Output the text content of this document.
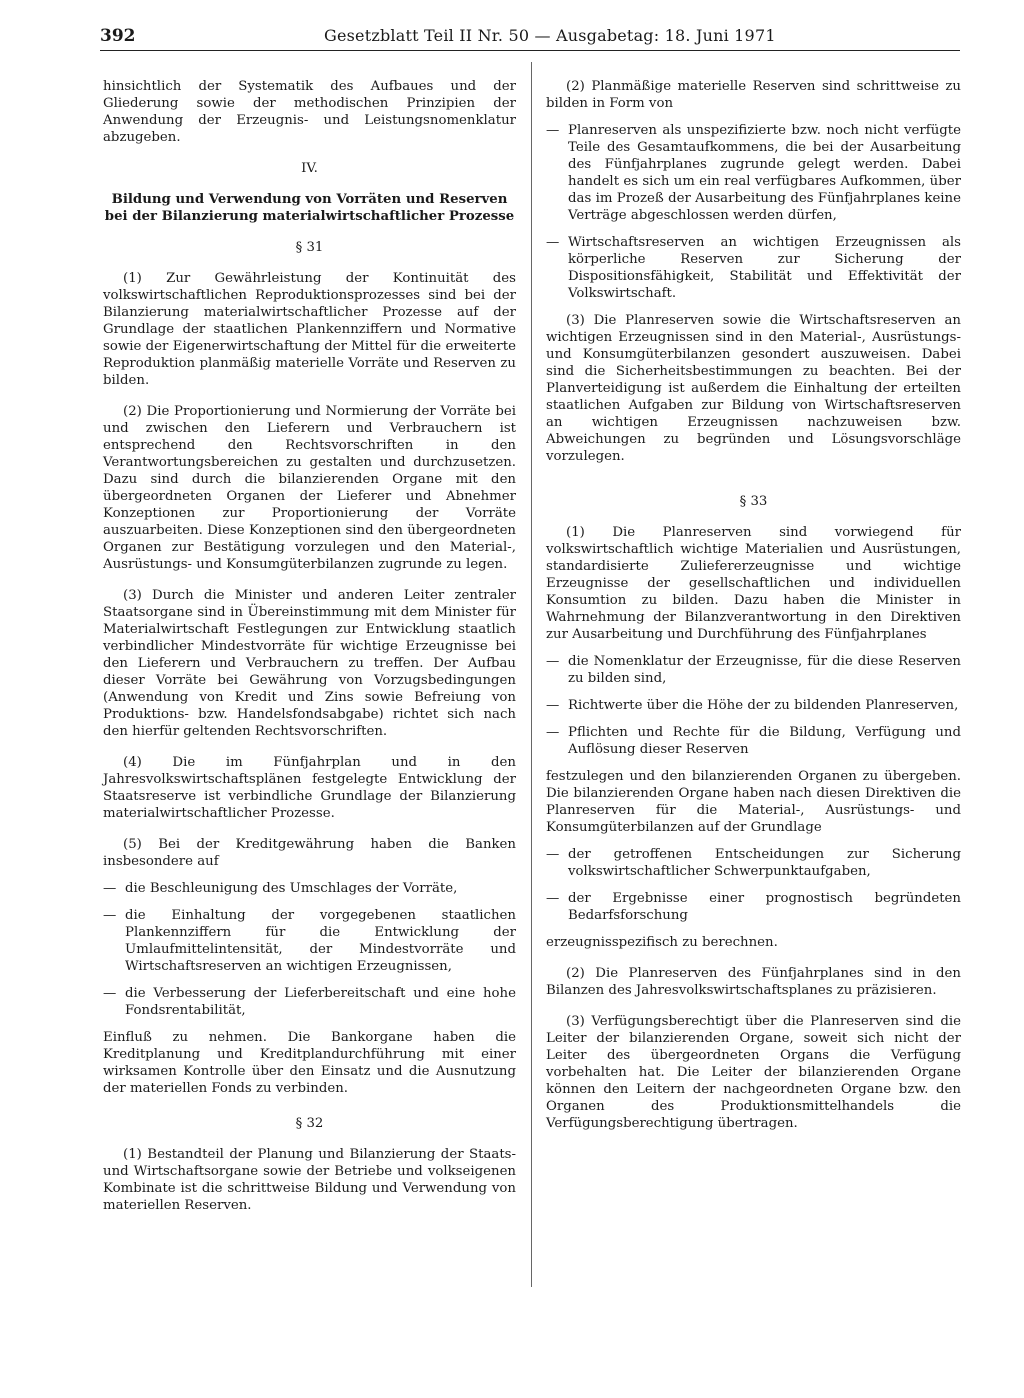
392	Gesetzblatt Teil II Nr. 50 — Ausgabetag: 18. Juni 1971

hinsichtlich der Systematik des Aufbaues und der Gliederung sowie der methodischen Prinzipien der Anwendung der Erzeugnis- und Leistungsnomenklatur abzugeben.

IV.

Bildung und Verwendung von Vorräten und Reserven bei der Bilanzierung materialwirtschaftlicher Prozesse

§ 31

(1) Zur Gewährleistung der Kontinuität des volkswirtschaftlichen Reproduktionsprozesses sind bei der Bilanzierung materialwirtschaftlicher Prozesse auf der Grundlage der staatlichen Plankennziffern und Normative sowie der Eigenerwirtschaftung der Mittel für die erweiterte Reproduktion planmäßig materielle Vorräte und Reserven zu bilden.

(2) Die Proportionierung und Normierung der Vorräte bei und zwischen den Lieferern und Verbrauchern ist entsprechend den Rechtsvorschriften in den Verantwortungsbereichen zu gestalten und durchzusetzen. Dazu sind durch die bilanzierenden Organe mit den übergeordneten Organen der Lieferer und Abnehmer Konzeptionen zur Proportionierung der Vorräte auszuarbeiten. Diese Konzeptionen sind den übergeordneten Organen zur Bestätigung vorzulegen und den Material-, Ausrüstungs- und Konsumgüterbilanzen zugrunde zu legen.

(3) Durch die Minister und anderen Leiter zentraler Staatsorgane sind in Übereinstimmung mit dem Minister für Materialwirtschaft Festlegungen zur Entwicklung staatlich verbindlicher Mindestvorräte für wichtige Erzeugnisse bei den Lieferern und Verbrauchern zu treffen. Der Aufbau dieser Vorräte bei Gewährung von Vorzugsbedingungen (Anwendung von Kredit und Zins sowie Befreiung von Produktions- bzw. Handelsfondsabgabe) richtet sich nach den hierfür geltenden Rechtsvorschriften.

(4) Die im Fünfjahrplan und in den Jahresvolkswirtschaftsplänen festgelegte Entwicklung der Staatsreserve ist verbindliche Grundlage der Bilanzierung materialwirtschaftlicher Prozesse.

(5) Bei der Kreditgewährung haben die Banken insbesondere auf

— die Beschleunigung des Umschlages der Vorräte,
— die Einhaltung der vorgegebenen staatlichen Plankennziffern für die Entwicklung der Umlaufmittelintensität, der Mindestvorräte und Wirtschaftsreserven an wichtigen Erzeugnissen,
— die Verbesserung der Lieferbereitschaft und eine hohe Fondsrentabilität,

Einfluß zu nehmen. Die Bankorgane haben die Kreditplanung und Kreditplandurchführung mit einer wirksamen Kontrolle über den Einsatz und die Ausnutzung der materiellen Fonds zu verbinden.

§ 32

(1) Bestandteil der Planung und Bilanzierung der Staats- und Wirtschaftsorgane sowie der Betriebe und volkseigenen Kombinate ist die schrittweise Bildung und Verwendung von materiellen Reserven.

(2) Planmäßige materielle Reserven sind schrittweise zu bilden in Form von

— Planreserven als unspezifizierte bzw. noch nicht verfügte Teile des Gesamtaufkommens, die bei der Ausarbeitung des Fünfjahrplanes zugrunde gelegt werden. Dabei handelt es sich um ein real verfügbares Aufkommen, über das im Prozeß der Ausarbeitung des Fünfjahrplanes keine Verträge abgeschlossen werden dürfen,
— Wirtschaftsreserven an wichtigen Erzeugnissen als körperliche Reserven zur Sicherung der Dispositionsfähigkeit, Stabilität und Effektivität der Volkswirtschaft.

(3) Die Planreserven sowie die Wirtschaftsreserven an wichtigen Erzeugnissen sind in den Material-, Ausrüstungs- und Konsumgüterbilanzen gesondert auszuweisen. Dabei sind die Sicherheitsbestimmungen zu beachten. Bei der Planverteidigung ist außerdem die Einhaltung der erteilten staatlichen Aufgaben zur Bildung von Wirtschaftsreserven an wichtigen Erzeugnissen nachzuweisen bzw. Abweichungen zu begründen und Lösungsvorschläge vorzulegen.

§ 33

(1) Die Planreserven sind vorwiegend für volkswirtschaftlich wichtige Materialien und Ausrüstungen, standardisierte Zuliefererzeugnisse und wichtige Erzeugnisse der gesellschaftlichen und individuellen Konsumtion zu bilden. Dazu haben die Minister in Wahrnehmung der Bilanzverantwortung in den Direktiven zur Ausarbeitung und Durchführung des Fünfjahrplanes

— die Nomenklatur der Erzeugnisse, für die diese Reserven zu bilden sind,
— Richtwerte über die Höhe der zu bildenden Planreserven,
— Pflichten und Rechte für die Bildung, Verfügung und Auflösung dieser Reserven

festzulegen und den bilanzierenden Organen zu übergeben. Die bilanzierenden Organe haben nach diesen Direktiven die Planreserven für die Material-, Ausrüstungs- und Konsumgüterbilanzen auf der Grundlage

— der getroffenen Entscheidungen zur Sicherung volkswirtschaftlicher Schwerpunktaufgaben,
— der Ergebnisse einer prognostisch begründeten Bedarfsforschung

erzeugnisspezifisch zu berechnen.

(2) Die Planreserven des Fünfjahrplanes sind in den Bilanzen des Jahresvolkswirtschaftsplanes zu präzisieren.

(3) Verfügungsberechtigt über die Planreserven sind die Leiter der bilanzierenden Organe, soweit sich nicht der Leiter des übergeordneten Organs die Verfügung vorbehalten hat. Die Leiter der bilanzierenden Organe können den Leitern der nachgeordneten Organe bzw. den Organen des Produktionsmittelhandels die Verfügungsberechtigung übertragen.
